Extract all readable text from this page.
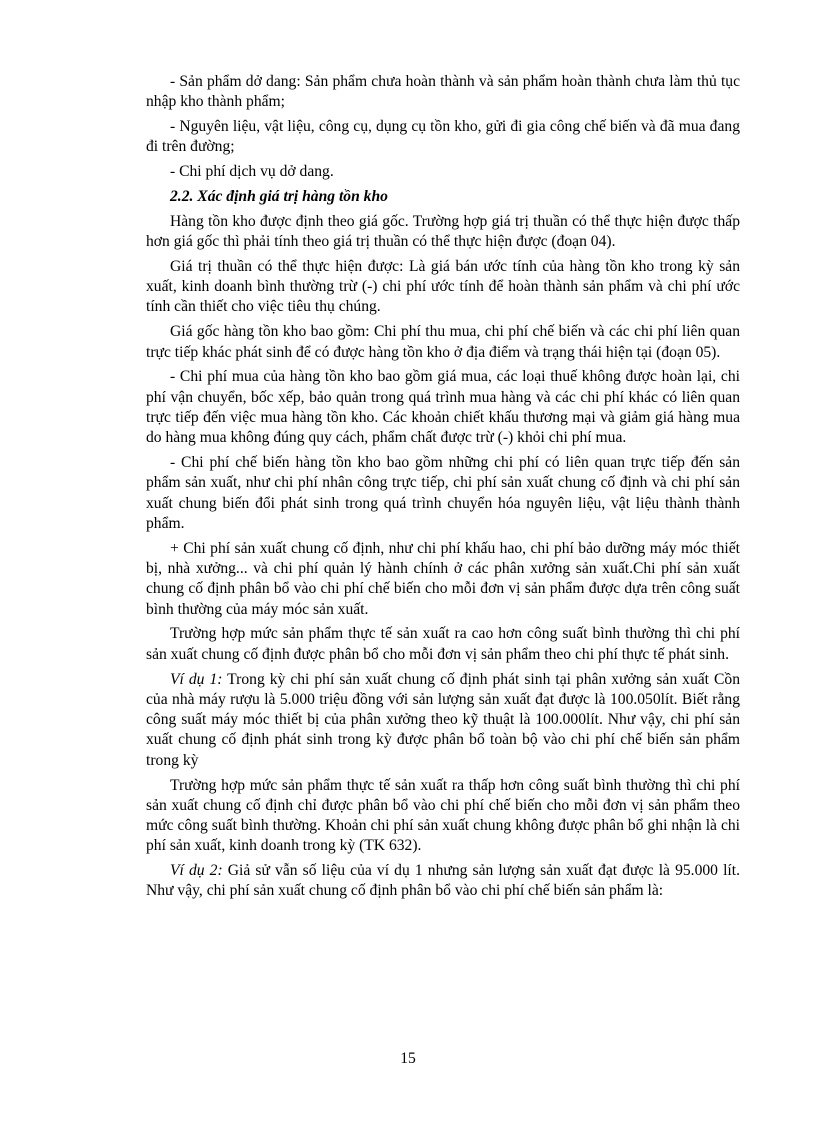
- Sản phẩm dở dang: Sản phẩm chưa hoàn thành và sản phẩm hoàn thành chưa làm thủ tục nhập kho thành phẩm;

- Nguyên liệu, vật liệu, công cụ, dụng cụ tồn kho, gửi đi gia công chế biến và đã mua đang đi trên đường;

- Chi phí dịch vụ dở dang.

2.2. Xác định giá trị hàng tồn kho

Hàng tồn kho được định theo giá gốc. Trường hợp giá trị thuần có thể thực hiện được thấp hơn giá gốc thì phải tính theo giá trị thuần có thể thực hiện được (đoạn 04).

Giá trị thuần có thể thực hiện được: Là giá bán ước tính của hàng tồn kho trong kỳ sản xuất, kinh doanh bình thường trừ (-) chi phí ước tính để hoàn thành sản phẩm và chi phí ước tính cần thiết cho việc tiêu thụ chúng.

Giá gốc hàng tồn kho bao gồm: Chi phí thu mua, chi phí chế biến và các chi phí liên quan trực tiếp khác phát sinh để có được hàng tồn kho ở địa điểm và trạng thái hiện tại (đoạn 05).

- Chi phí mua của hàng tồn kho bao gồm giá mua, các loại thuế không được hoàn lại, chi phí vận chuyển, bốc xếp, bảo quản trong quá trình mua hàng và các chi phí khác có liên quan trực tiếp đến việc mua hàng tồn kho. Các khoản chiết khấu thương mại và giảm giá hàng mua do hàng mua không đúng quy cách, phẩm chất được trừ (-) khỏi chi phí mua.

- Chi phí chế biến hàng tồn kho bao gồm những chi phí có liên quan trực tiếp đến sản phẩm sản xuất, như chi phí nhân công trực tiếp, chi phí sản xuất chung cố định và chi phí sản xuất chung biến đổi phát sinh trong quá trình chuyển hóa nguyên liệu, vật liệu thành thành phẩm.

+ Chi phí sản xuất chung cố định, như chi phí khấu hao, chi phí bảo dưỡng máy móc thiết bị, nhà xưởng... và chi phí quản lý hành chính ở các phân xưởng sản xuất.Chi phí sản xuất chung cố định phân bổ vào chi phí chế biến cho mỗi đơn vị sản phẩm được dựa trên công suất bình thường của máy móc sản xuất.

Trường hợp mức sản phẩm thực tế sản xuất ra cao hơn công suất bình thường thì chi phí sản xuất chung cố định được phân bổ cho mỗi đơn vị sản phẩm theo chi phí thực tế phát sinh.

Ví dụ 1: Trong kỳ chi phí sản xuất chung cố định phát sinh tại phân xưởng sản xuất Cồn của nhà máy rượu là 5.000 triệu đồng với sản lượng sản xuất đạt được là 100.050lít. Biết rằng công suất máy móc thiết bị của phân xưởng theo kỹ thuật là 100.000lít. Như vậy, chi phí sản xuất chung cố định phát sinh trong kỳ được phân bổ toàn bộ vào chi phí chế biến sản phẩm trong kỳ

Trường hợp mức sản phẩm thực tế sản xuất ra thấp hơn công suất bình thường thì chi phí sản xuất chung cố định chỉ được phân bổ vào chi phí chế biến cho mỗi đơn vị sản phẩm theo mức công suất bình thường. Khoản chi phí sản xuất chung không được phân bổ ghi nhận là chi phí sản xuất, kinh doanh trong kỳ (TK 632).

Ví dụ 2: Giả sử vẫn số liệu của ví dụ 1 nhưng sản lượng sản xuất đạt được là 95.000 lít. Như vậy, chi phí sản xuất chung cố định phân bổ vào chi phí chế biến sản phẩm là:

15
